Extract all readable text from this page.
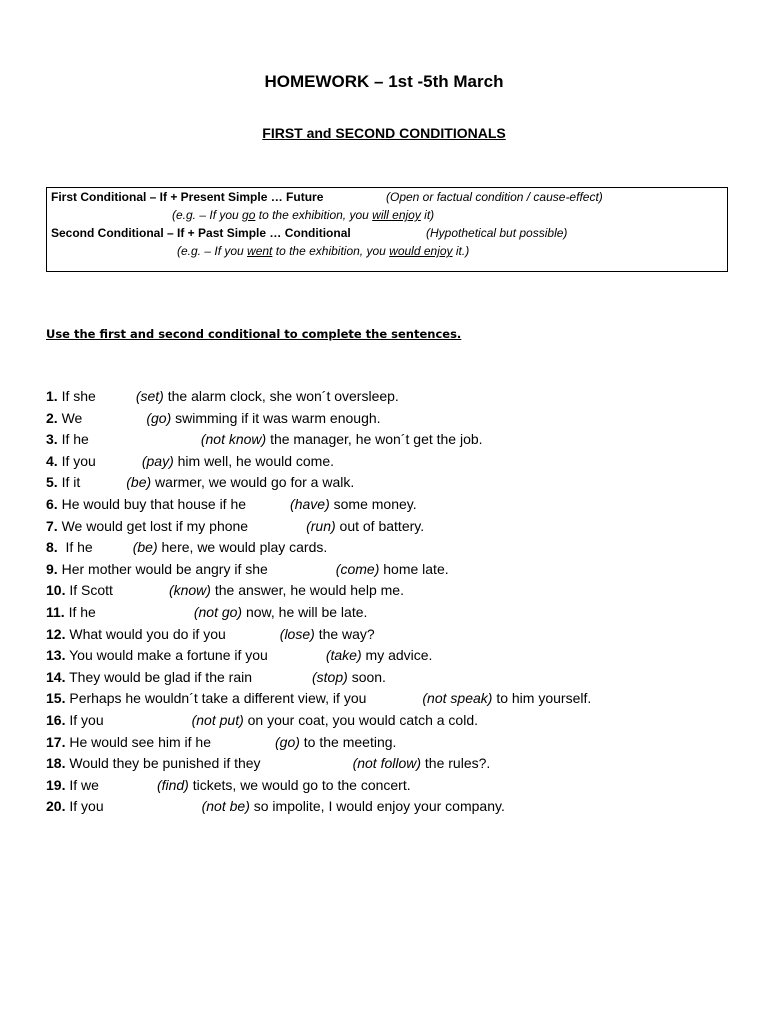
HOMEWORK – 1st -5th March
FIRST and SECOND CONDITIONALS
First Conditional – If + Present Simple … Future	(Open or factual condition / cause-effect)
(e.g. – If you go to the exhibition, you will enjoy it)
Second Conditional – If + Past Simple … Conditional	(Hypothetical but possible)
(e.g. – If you went to the exhibition, you would enjoy it.)
Use the first and second conditional to complete the sentences.
1. If she	(set) the alarm clock, she won´t oversleep.
2. We	(go) swimming if it was warm enough.
3. If he	(not know) the manager, he won´t get the job.
4. If you	(pay) him well, he would come.
5. If it	(be) warmer, we would go for a walk.
6. He would buy that house if he	(have) some money.
7. We would get lost if my phone	(run) out of battery.
8. If he	(be) here, we would play cards.
9. Her mother would be angry if she	(come) home late.
10. If Scott	(know) the answer, he would help me.
11. If he	(not go) now, he will be late.
12. What would you do if you	(lose) the way?
13. You would make a fortune if you	(take) my advice.
14. They would be glad if the rain	(stop) soon.
15. Perhaps he wouldn´t take a different view, if you	(not speak) to him yourself.
16. If you	(not put) on your coat, you would catch a cold.
17. He would see him if he	(go) to the meeting.
18. Would they be punished if they	(not follow) the rules?.
19. If we	(find) tickets, we would go to the concert.
20. If you	(not be) so impolite, I would enjoy your company.
